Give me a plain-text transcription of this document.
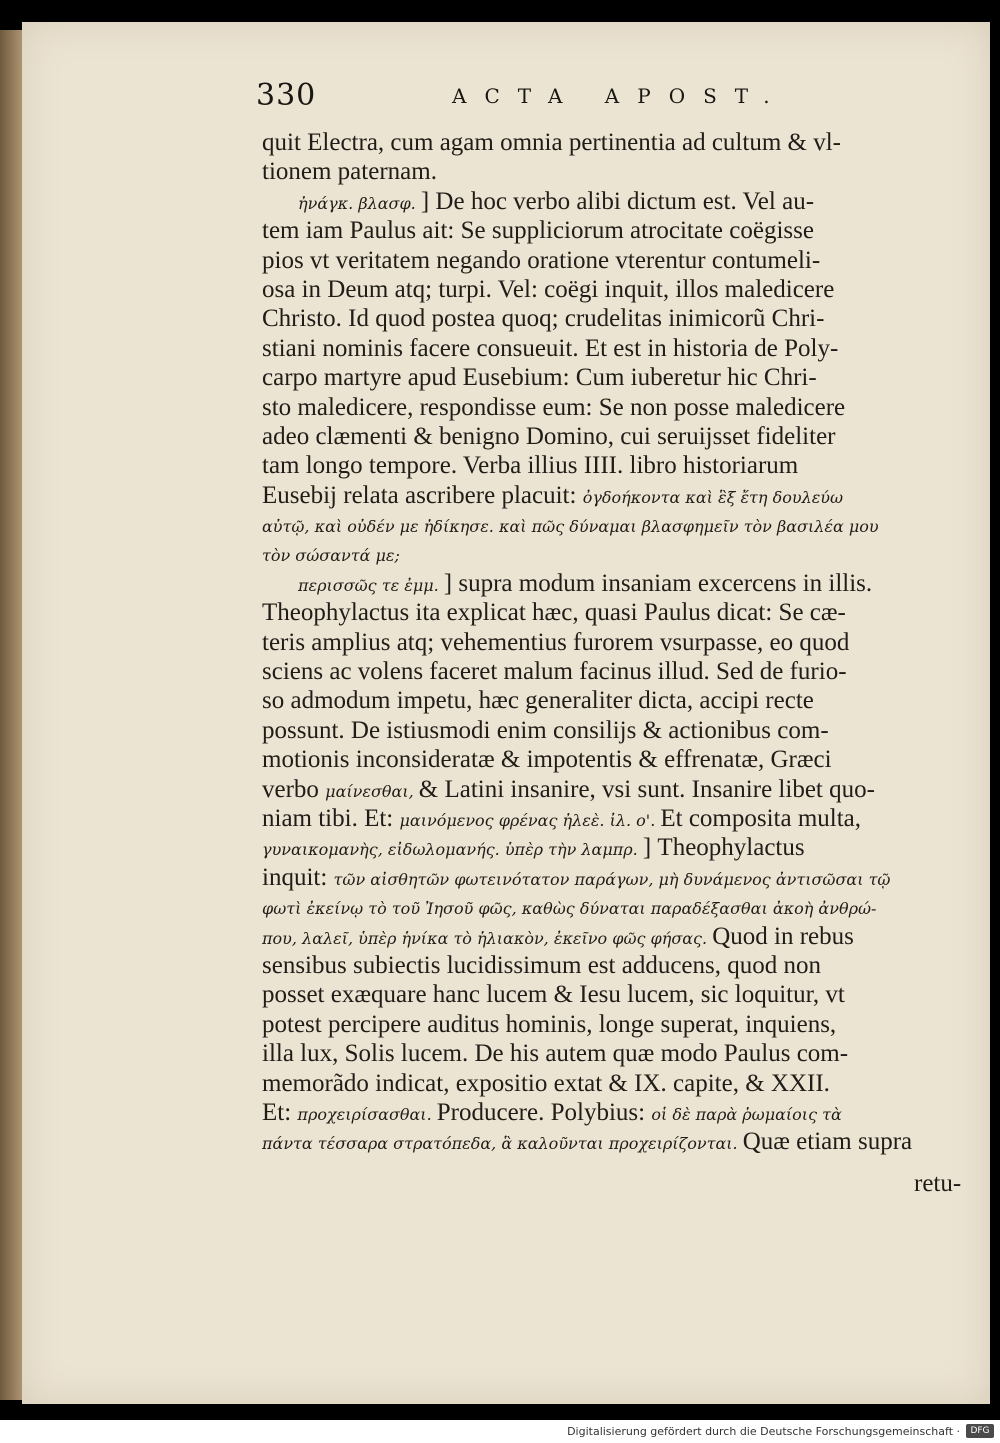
330	ACTA APOST.
quit Electra, cum agam omnia pertinentia ad cultum & vl-
tionem paternam.
ἠνάγκ. βλασφ. ] De hoc verbo alibi dictum est. Vel au-
tem iam Paulus ait: Se suppliciorum atrocitate coëgisse
pios vt veritatem negando oratione vterentur contumeli-
osa in Deum atq; turpi. Vel: coëgi inquit, illos maledicere
Christo. Id quod postea quoq; crudelitas inimicorũ Chri-
stiani nominis facere consueuit. Et est in historia de Poly-
carpo martyre apud Eusebium: Cum iuberetur hic Chri-
sto maledicere, respondisse eum: Se non posse maledicere
adeo clæmenti & benigno Domino, cui seruijsset fideliter
tam longo tempore. Verba illius IIII. libro historiarum
Eusebij relata ascribere placuit: ὀγδοήκοντα καὶ ἓξ ἔτη δουλεύω
αὐτῷ, καὶ οὐδέν με ἠδίκησε. καὶ πῶς δύναμαι βλασφημεῖν τὸν βασιλέα μου
τὸν σώσαντά με;
περισσῶς τε ἐμμ. ] supra modum insaniam excercens in illis.
Theophylactus ita explicat hæc, quasi Paulus dicat: Se cæ-
teris amplius atq; vehementius furorem vsurpasse, eo quod
sciens ac volens faceret malum facinus illud. Sed de furio-
so admodum impetu, hæc generaliter dicta, accipi recte
possunt. De istiusmodi enim consilijs & actionibus com-
motionis inconsideratæ & impotentis & effrenatæ, Græci
verbo μαίνεσθαι, & Latini insanire, vsi sunt. Insanire libet quo-
niam tibi. Et: μαινόμενος φρένας ἠλεὲ. ἰλ. ο'. Et composita multa,
γυναικομανὴς, εἰδωλομανής. ὑπὲρ τὴν λαμπρ. ] Theophylactus
inquit: τῶν αἰσθητῶν φωτεινότατον παράγων, μὴ δυνάμενος ἀντισῶσαι τῷ
φωτὶ ἐκείνῳ τὸ τοῦ Ἰησοῦ φῶς, καθὼς δύναται παραδέξασθαι ἀκοὴ ἀνθρώ-
που, λαλεῖ, ὑπὲρ ἡνίκα τὸ ἡλιακὸν, ἐκεῖνο φῶς φήσας. Quod in rebus
sensibus subiectis lucidissimum est adducens, quod non
posset exæquare hanc lucem & Iesu lucem, sic loquitur, vt
potest percipere auditus hominis, longe superat, inquiens,
illa lux, Solis lucem. De his autem quæ modo Paulus com-
memorãdo indicat, expositio extat & IX. capite, & XXII.
Et: προχειρίσασθαι. Producere. Polybius: οἱ δὲ παρὰ ῥωμαίοις τὰ
πάντα τέσσαρα στρατόπεδα, ἃ καλοῦνται προχειρίζονται. Quæ etiam supra
retu-
Digitalisierung gefördert durch die Deutsche Forschungsgemeinschaft ·	DFG
